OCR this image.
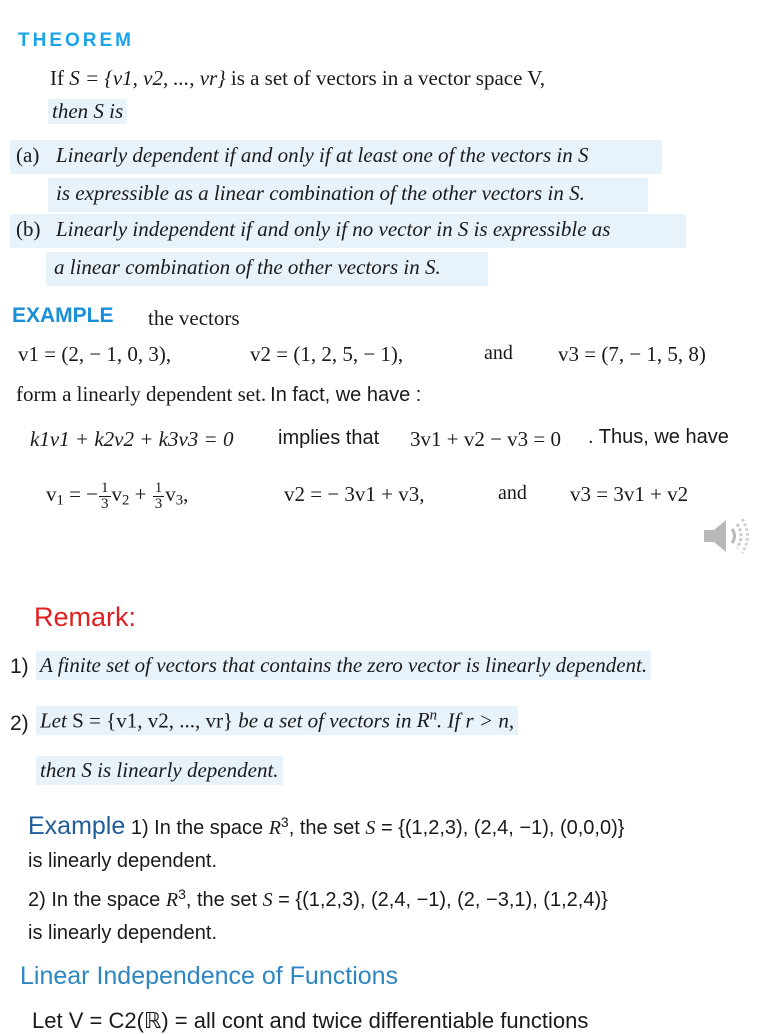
THEOREM
If S = {v1, v2, ..., vr} is a set of vectors in a vector space V,
then S is
(a) Linearly dependent if and only if at least one of the vectors in S
is expressible as a linear combination of the other vectors in S.
(b) Linearly independent if and only if no vector in S is expressible as
a linear combination of the other vectors in S.
EXAMPLE the vectors
v1 = (2, − 1, 0, 3),	v2 = (1, 2, 5, − 1),	and v3 = (7, − 1, 5, 8)
form a linearly dependent set. In fact, we have :
k1v1 + k2v2 + k3v3 = 0 implies that 3v1 + v2 − v3 = 0 . Thus, we have
$v_1$ = − $\frac{1}{3} v_2 + \frac{1}{3} v_3$,	v2 = − 3v1 + v3,	and v3 = 3v1 + v2
Remark:
1) A finite set of vectors that contains the zero vector is linearly dependent.
2) Let S = {v1, v2, ..., vr} be a set of vectors in $R^n$. If r > n,
then S is linearly dependent.
Example 1) In the space $R^3$, the set S = {(1,2,3), (2,4, −1), (0,0,0)}
is linearly dependent.
2) In the space $R^3$, the set S = {(1,2,3), (2,4, −1), (2, −3,1), (1,2,4)}
is linearly dependent.
Linear Independence of Functions
Let V = C2(ℝ) = all cont and twice differentiable functions
